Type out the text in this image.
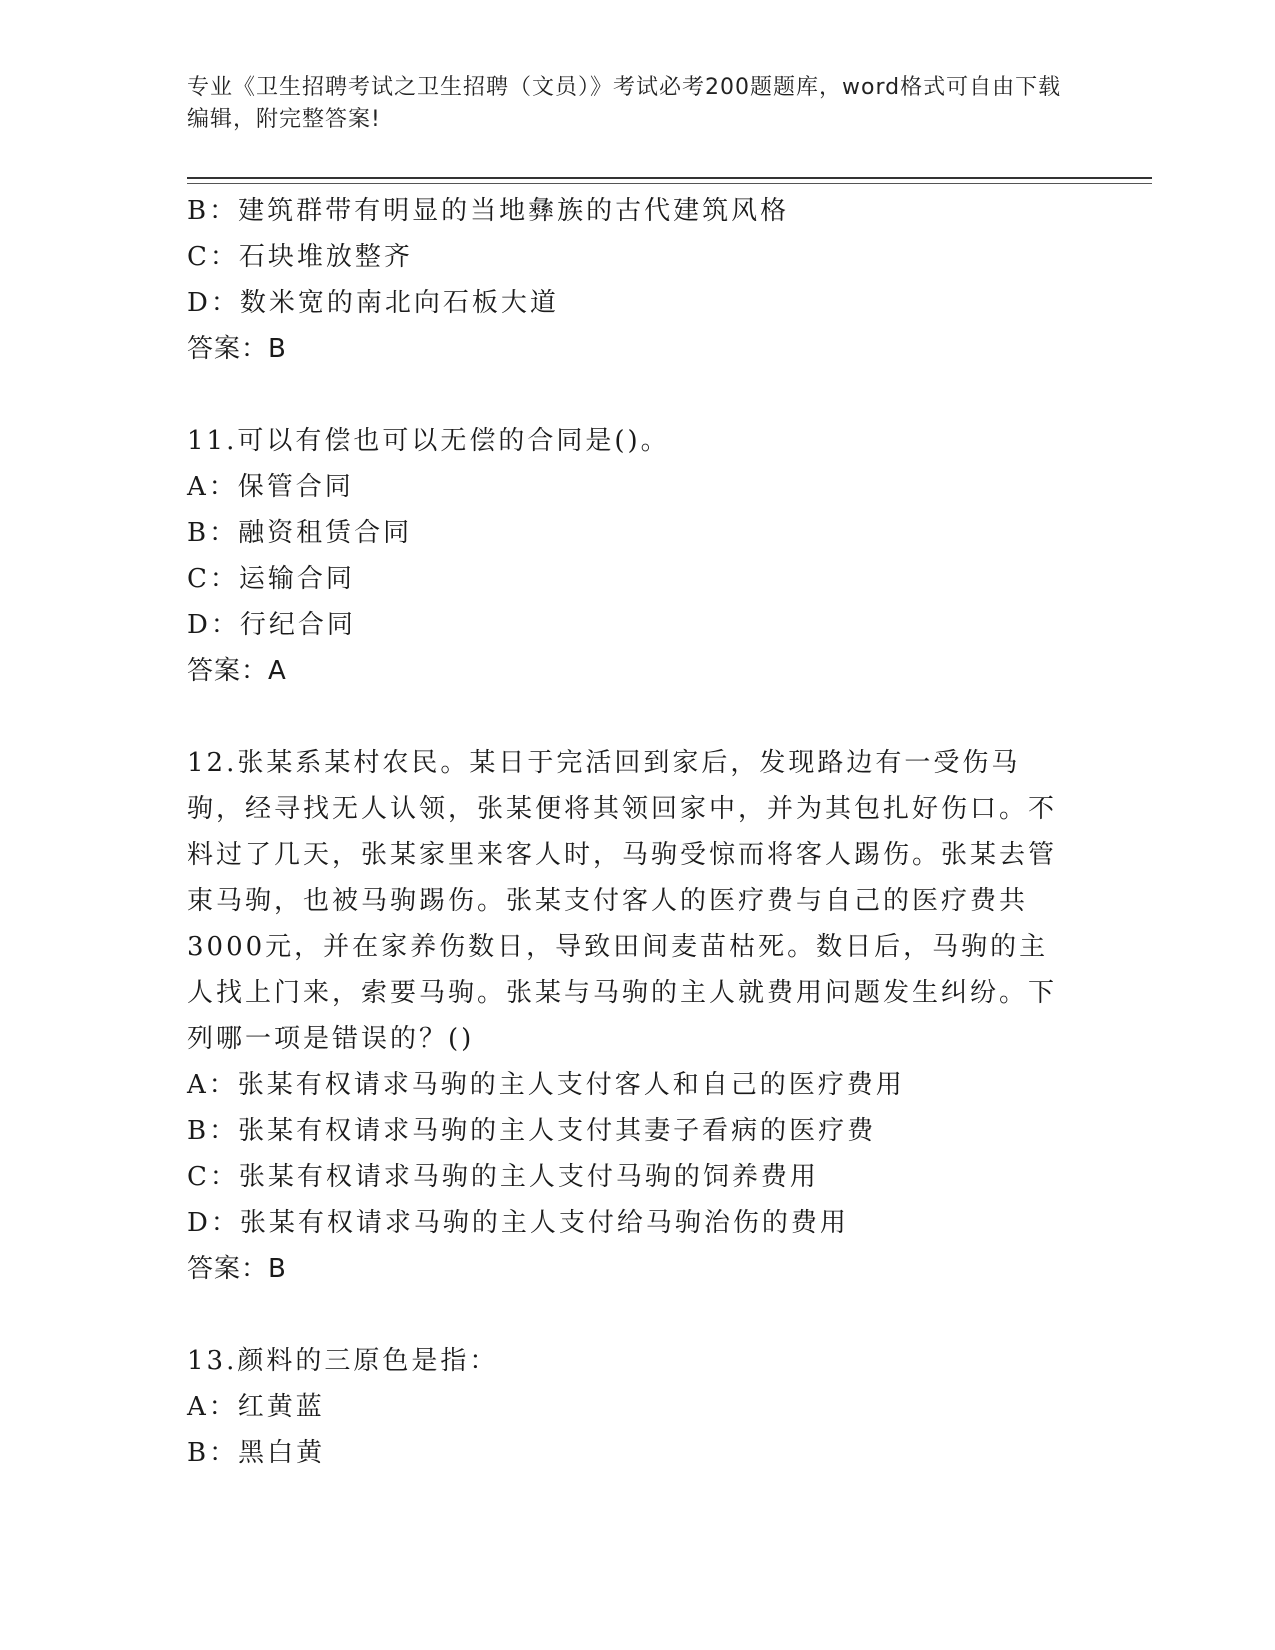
专业《卫生招聘考试之卫生招聘（文员）》考试必考200题题库，word格式可自由下载编辑，附完整答案!
B：建筑群带有明显的当地彝族的古代建筑风格
C：石块堆放整齐
D：数米宽的南北向石板大道
答案：B
11.可以有偿也可以无偿的合同是()。
A：保管合同
B：融资租赁合同
C：运输合同
D：行纪合同
答案：A
12.张某系某村农民。某日于完活回到家后，发现路边有一受伤马驹，经寻找无人认领，张某便将其领回家中，并为其包扎好伤口。不料过了几天，张某家里来客人时，马驹受惊而将客人踢伤。张某去管束马驹，也被马驹踢伤。张某支付客人的医疗费与自己的医疗费共3000元，并在家养伤数日，导致田间麦苗枯死。数日后，马驹的主人找上门来，索要马驹。张某与马驹的主人就费用问题发生纠纷。下列哪一项是错误的？()
A：张某有权请求马驹的主人支付客人和自己的医疗费用
B：张某有权请求马驹的主人支付其妻子看病的医疗费
C：张某有权请求马驹的主人支付马驹的饲养费用
D：张某有权请求马驹的主人支付给马驹治伤的费用
答案：B
13.颜料的三原色是指：
A：红黄蓝
B：黑白黄
